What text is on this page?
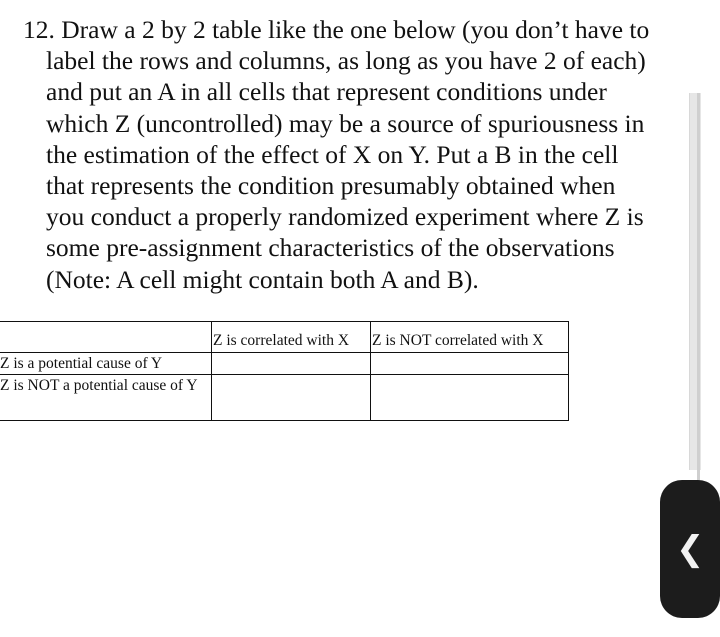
12. Draw a 2 by 2 table like the one below (you don’t have to
label the rows and columns, as long as you have 2 of each)
and put an A in all cells that represent conditions under
which Z (uncontrolled) may be a source of spuriousness in
the estimation of the effect of X on Y. Put a B in the cell
that represents the condition presumably obtained when
you conduct a properly randomized experiment where Z is
some pre-assignment characteristics of the observations
(Note: A cell might contain both A and B).
	Z is correlated with X	Z is NOT correlated with X
Z is a potential cause of Y		

Z is NOT a potential cause of Y		

❮
